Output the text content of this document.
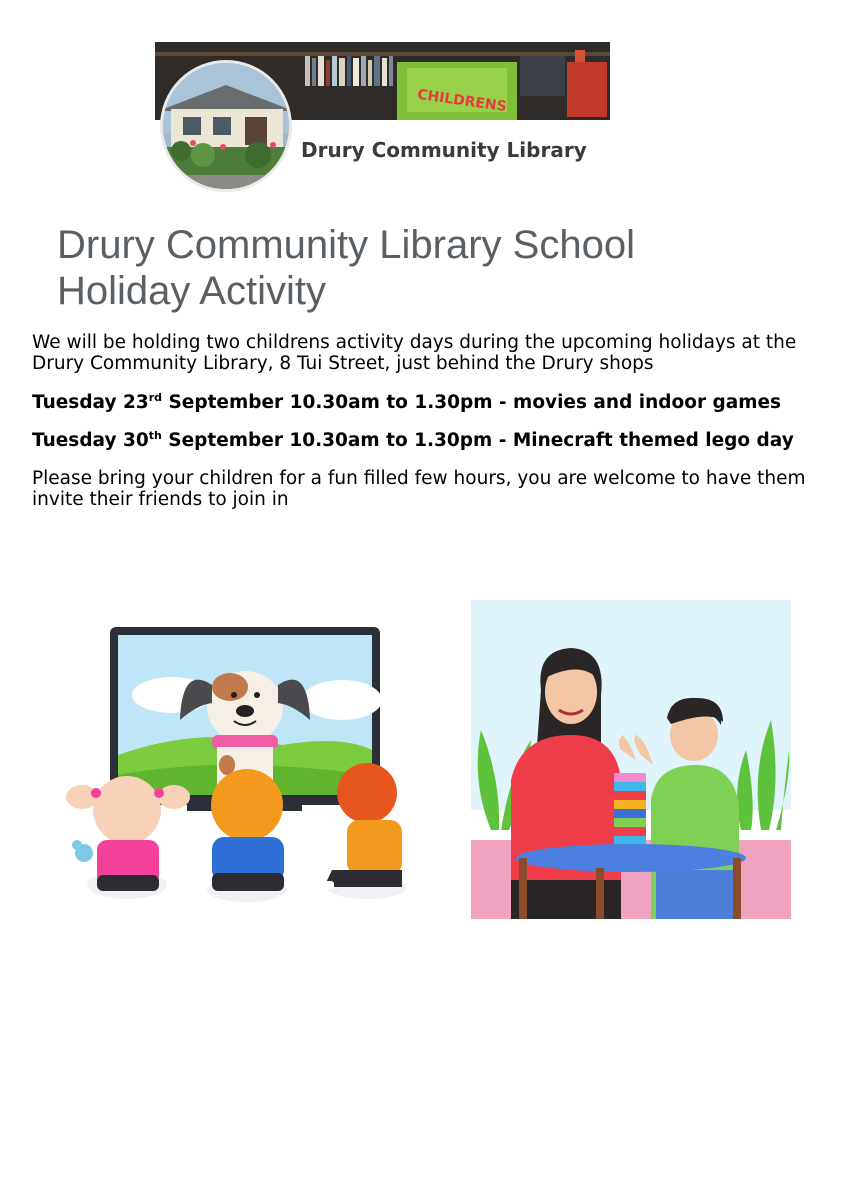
CHILDRENS
Drury Community Library
Drury Community Library School Holiday Activity

We will be holding two childrens activity days during the upcoming holidays at the Drury Community Library, 8 Tui Street, just behind the Drury shops

Tuesday 23rd September 10.30am to 1.30pm - movies and indoor games

Tuesday 30th September 10.30am to 1.30pm - Minecraft themed lego day

Please bring your children for a fun filled few hours, you are welcome to have them invite their friends to join in
